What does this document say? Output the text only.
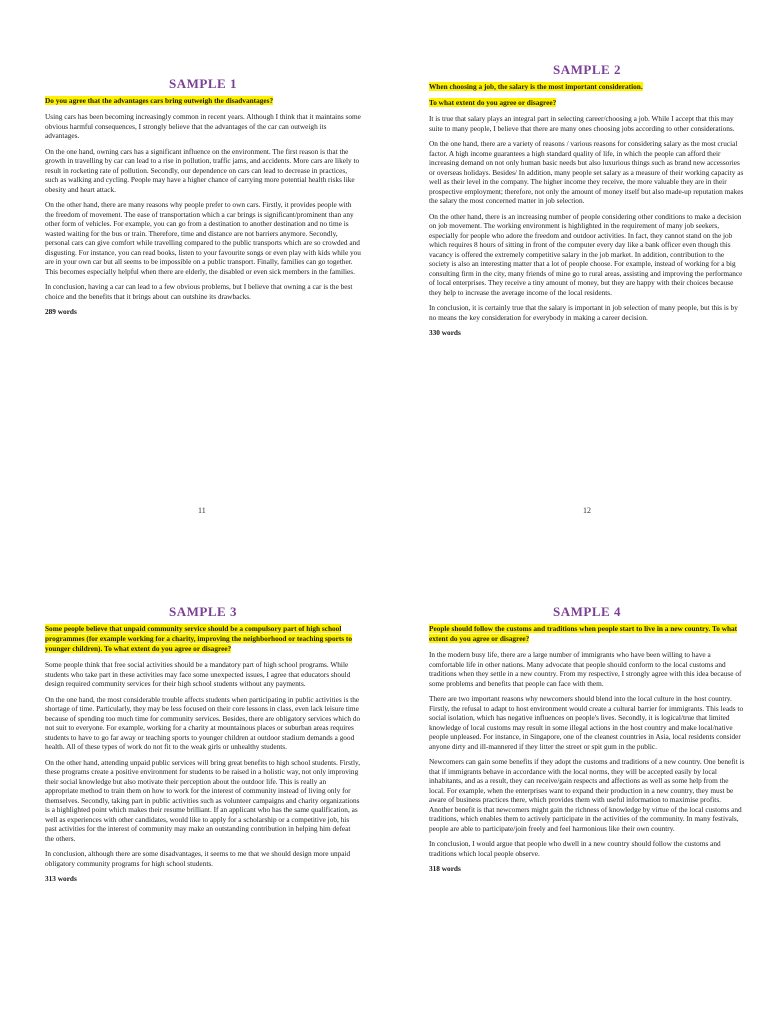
SAMPLE 1
Do you agree that the advantages cars bring outweigh the disadvantages?

Using cars has been becoming increasingly common in recent years. Although I think that it maintains some obvious harmful consequences, I strongly believe that the advantages of the car can outweigh its advantages.

On the one hand, owning cars has a significant influence on the environment. The first reason is that the growth in travelling by car can lead to a rise in pollution, traffic jams, and accidents. More cars are likely to result in rocketing rate of pollution. Secondly, our dependence on cars can lead to decrease in practices, such as walking and cycling. People may have a higher chance of carrying more potential health risks like obesity and heart attack.

On the other hand, there are many reasons why people prefer to own cars. Firstly, it provides people with the freedom of movement. The ease of transportation which a car brings is significant/prominent than any other form of vehicles. For example, you can go from a destination to another destination and no time is wasted waiting for the bus or train. Therefore, time and distance are not barriers anymore. Secondly, personal cars can give comfort while travelling compared to the public transports which are so crowded and disgusting. For instance, you can read books, listen to your favourite songs or even play with kids while you are in your own car but all seems to be impossible on a public transport. Finally, families can go together. This becomes especially helpful when there are elderly, the disabled or even sick members in the families.

In conclusion, having a car can lead to a few obvious problems, but I believe that owning a car is the best choice and the benefits that it brings about can outshine its drawbacks.

289 words

SAMPLE 2
When choosing a job, the salary is the most important consideration.
To what extent do you agree or disagree?

It is true that salary plays an integral part in selecting career/choosing a job. While I accept that this may suite to many people, I believe that there are many ones choosing jobs according to other considerations.

On the one hand, there are a variety of reasons / various reasons for considering salary as the most crucial factor. A high income guarantees a high standard quality of life, in which the people can afford their increasing demand on not only human basic needs but also luxurious things such as brand new accessories or overseas holidays. Besides/ In addition, many people set salary as a measure of their working capacity as well as their level in the company. The higher income they receive, the more valuable they are in their prospective employment; therefore, not only the amount of money itself but also made-up reputation makes the salary the most concerned matter in job selection.

On the other hand, there is an increasing number of people considering other conditions to make a decision on job movement. The working environment is highlighted in the requirement of many job seekers, especially for people who adore the freedom and outdoor activities. In fact, they cannot stand on the job which requires 8 hours of sitting in front of the computer every day like a bank officer even though this vacancy is offered the extremely competitive salary in the job market. In addition, contribution to the society is also an interesting matter that a lot of people choose. For example, instead of working for a big consulting firm in the city, many friends of mine go to rural areas, assisting and improving the performance of local enterprises. They receive a tiny amount of money, but they are happy with their choices because they help to increase the average income of the local residents.

In conclusion, it is certainly true that the salary is important in job selection of many people, but this is by no means the key consideration for everybody in making a career decision.

330 words

11	12
SAMPLE 3
Some people believe that unpaid community service should be a compulsory part of high school programmes (for example working for a charity, improving the neighborhood or teaching sports to younger children). To what extent do you agree or disagree?

Some people think that free social activities should be a mandatory part of high school programs. While students who take part in these activities may face some unexpected issues, I agree that educators should design required community services for their high school students without any payments.

On the one hand, the most considerable trouble affects students when participating in public activities is the shortage of time. Particularly, they may be less focused on their core lessons in class, even lack leisure time because of spending too much time for community services. Besides, there are obligatory services which do not suit to everyone. For example, working for a charity at mountainous places or suburban areas requires students to have to go far away or teaching sports to younger children at outdoor stadium demands a good health. All of these types of work do not fit to the weak girls or unhealthy students.

On the other hand, attending unpaid public services will bring great benefits to high school students. Firstly, these programs create a positive environment for students to be raised in a holistic way, not only improving their social knowledge but also motivate their perception about the outdoor life. This is really an appropriate method to train them on how to work for the interest of community instead of living only for themselves. Secondly, taking part in public activities such as volunteer campaigns and charity organizations is a highlighted point which makes their resume brilliant. If an applicant who has the same qualification, as well as experiences with other candidates, would like to apply for a scholarship or a competitive job, his past activities for the interest of community may make an outstanding contribution in helping him defeat the others.

In conclusion, although there are some disadvantages, it seems to me that we should design more unpaid obligatory community programs for high school students.

313 words

SAMPLE 4
People should follow the customs and traditions when people start to live in a new country. To what extent do you agree or disagree?

In the modern busy life, there are a large number of immigrants who have been willing to have a comfortable life in other nations. Many advocate that people should conform to the local customs and traditions when they settle in a new country. From my respective, I strongly agree with this idea because of some problems and benefits that people can face with them.

There are two important reasons why newcomers should blend into the local culture in the host country. Firstly, the refusal to adapt to host environment would create a cultural barrier for immigrants. This leads to social isolation, which has negative influences on people's lives. Secondly, it is logical/true that limited knowledge of local customs may result in some illegal actions in the host country and make local/native people unpleased. For instance, in Singapore, one of the cleanest countries in Asia, local residents consider anyone dirty and ill-mannered if they litter the street or spit gum in the public.

Newcomers can gain some benefits if they adopt the customs and traditions of a new country. One benefit is that if immigrants behave in accordance with the local norms, they will be accepted easily by local inhabitants, and as a result, they can receive/gain respects and affections as well as some help from the local. For example, when the enterprises want to expand their production in a new country, they must be aware of business practices there, which provides them with useful information to maximise profits. Another benefit is that newcomers might gain the richness of knowledge by virtue of the local customs and traditions, which enables them to actively participate in the activities of the community. In many festivals, people are able to participate/join freely and feel harmonious like their own country.

In conclusion, I would argue that people who dwell in a new country should follow the customs and traditions which local people observe.

318 words
